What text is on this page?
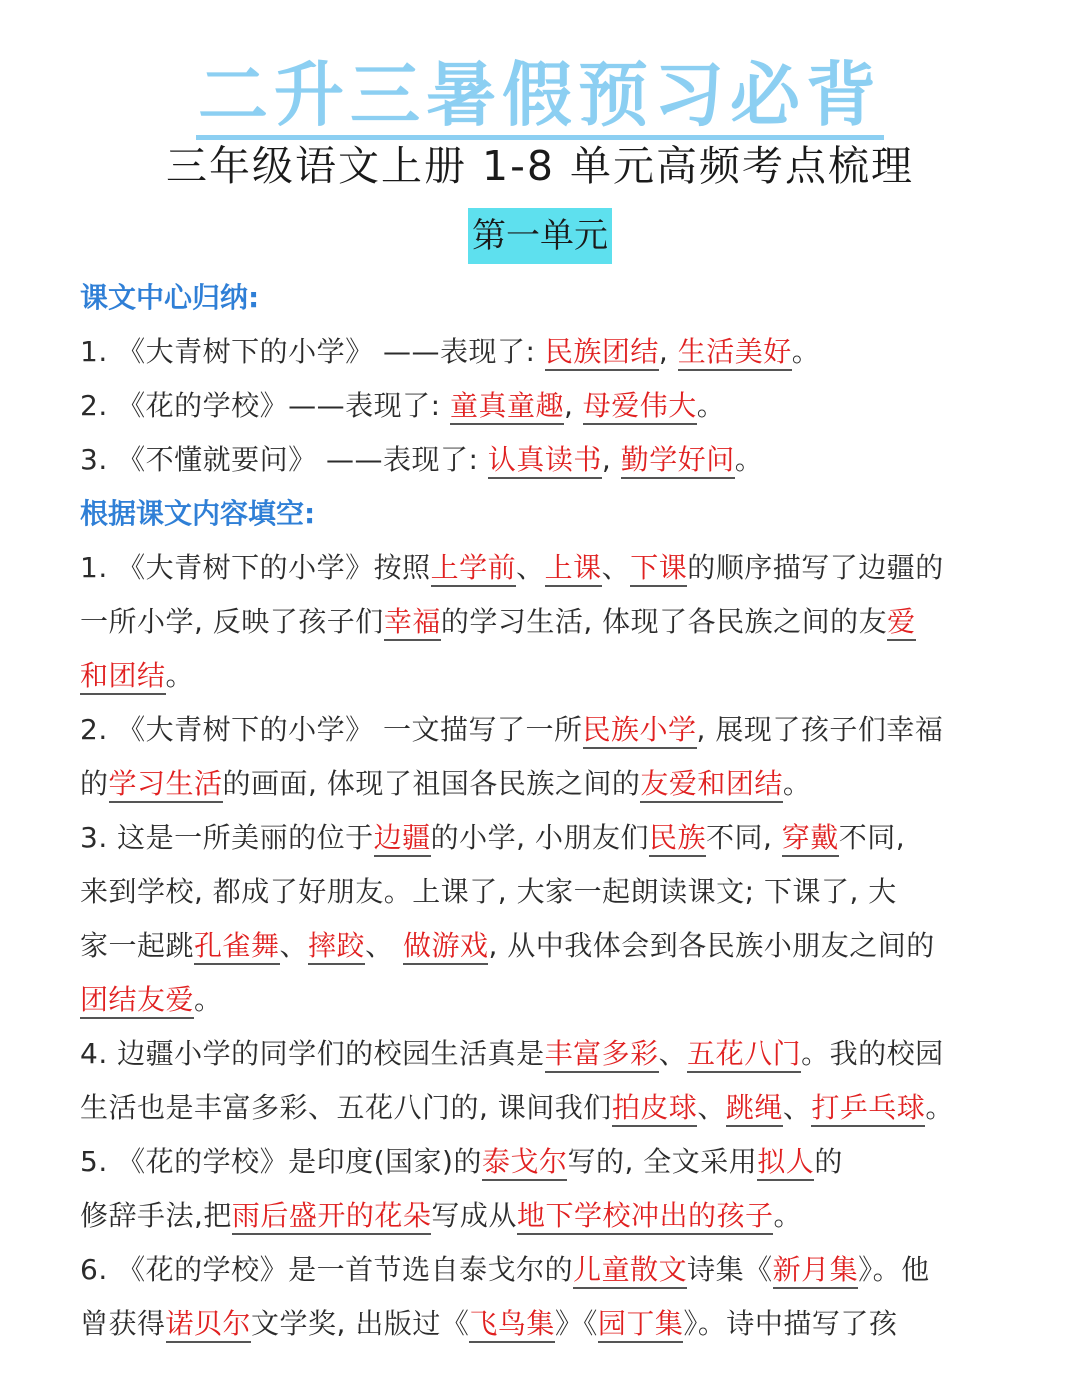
二升三暑假预习必背
三年级语文上册 1-8 单元高频考点梳理
第一单元
课文中心归纳:
1. 《大青树下的小学》 ——表现了: 民族团结, 生活美好。
2. 《花的学校》——表现了: 童真童趣, 母爱伟大。
3. 《不懂就要问》 ——表现了: 认真读书, 勤学好问。
根据课文内容填空:
1. 《大青树下的小学》按照上学前、上课、下课的顺序描写了边疆的
一所小学, 反映了孩子们幸福的学习生活, 体现了各民族之间的友爱
和团结。
2. 《大青树下的小学》 一文描写了一所民族小学, 展现了孩子们幸福
的学习生活的画面, 体现了祖国各民族之间的友爱和团结。
3. 这是一所美丽的位于边疆的小学, 小朋友们民族不同, 穿戴不同,
来到学校, 都成了好朋友。上课了, 大家一起朗读课文; 下课了, 大
家一起跳孔雀舞、摔跤、 做游戏, 从中我体会到各民族小朋友之间的
团结友爱。
4. 边疆小学的同学们的校园生活真是丰富多彩、五花八门。我的校园
生活也是丰富多彩、五花八门的, 课间我们拍皮球、跳绳、打乒乓球。
5. 《花的学校》是印度(国家)的泰戈尔写的, 全文采用拟人的
修辞手法,把雨后盛开的花朵写成从地下学校冲出的孩子。
6. 《花的学校》是一首节选自泰戈尔的儿童散文诗集《新月集》。他
曾获得诺贝尔文学奖, 出版过《飞鸟集》《园丁集》。诗中描写了孩
